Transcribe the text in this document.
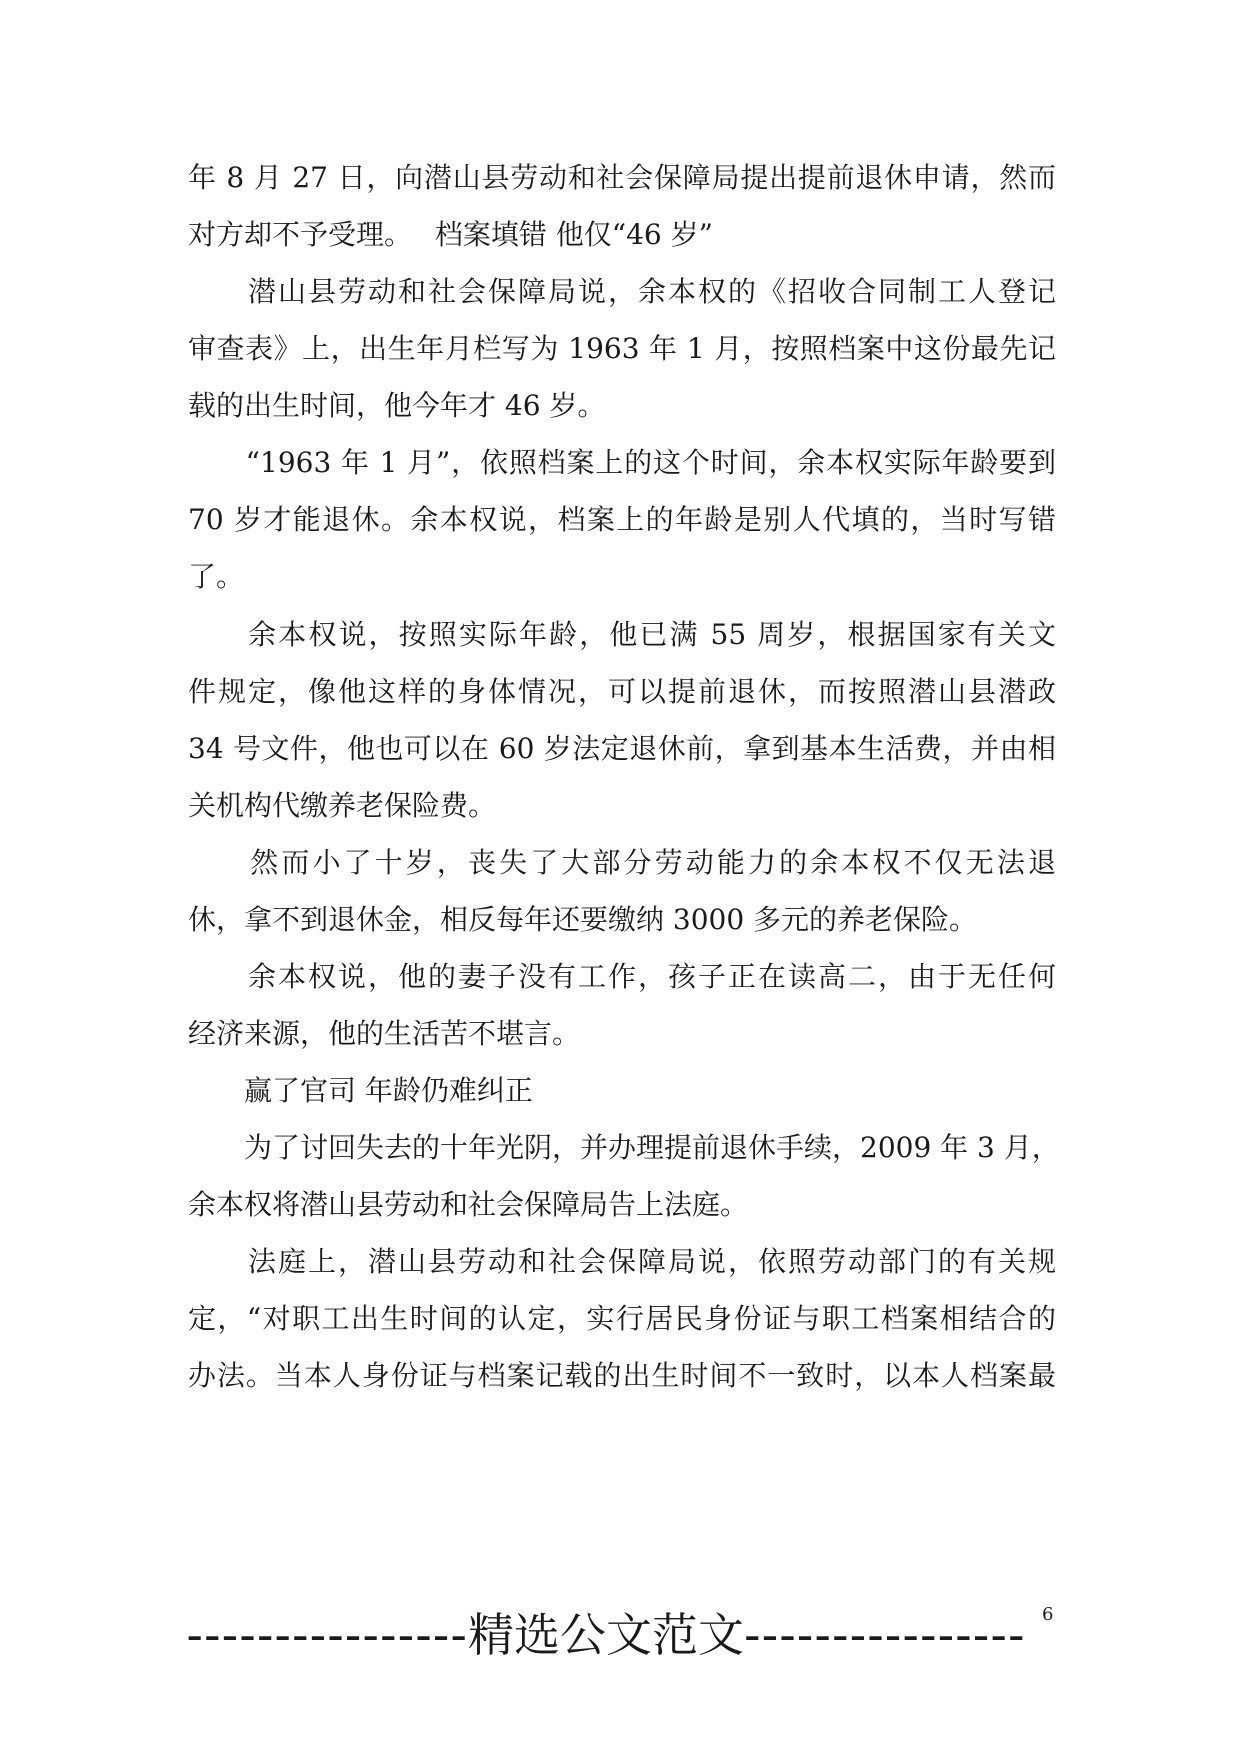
年 8 月 27 日，向潜山县劳动和社会保障局提出提前退休申请，然而
对方却不予受理。　 档案填错 他仅“46 岁”
　　潜山县劳动和社会保障局说，余本权的《招收合同制工人登记
审查表》上，出生年月栏写为 1963 年 1 月，按照档案中这份最先记
载的出生时间，他今年才 46 岁。
　　“1963 年 1 月”，依照档案上的这个时间，余本权实际年龄要到
70 岁才能退休。余本权说，档案上的年龄是别人代填的，当时写错
了。
　　余本权说，按照实际年龄，他已满 55 周岁，根据国家有关文
件规定，像他这样的身体情况，可以提前退休，而按照潜山县潜政
34 号文件，他也可以在 60 岁法定退休前，拿到基本生活费，并由相
关机构代缴养老保险费。
　　然而小了十岁，丧失了大部分劳动能力的余本权不仅无法退
休，拿不到退休金，相反每年还要缴纳 3000 多元的养老保险。
　　余本权说，他的妻子没有工作，孩子正在读高二，由于无任何
经济来源，他的生活苦不堪言。
　　赢了官司 年龄仍难纠正
　　为了讨回失去的十年光阴，并办理提前退休手续，2009 年 3 月，
余本权将潜山县劳动和社会保障局告上法庭。
　　法庭上，潜山县劳动和社会保障局说，依照劳动部门的有关规
定，“对职工出生时间的认定，实行居民身份证与职工档案相结合的
办法。当本人身份证与档案记载的出生时间不一致时，以本人档案最
6
---------------- 精选公文范文 ----------------
